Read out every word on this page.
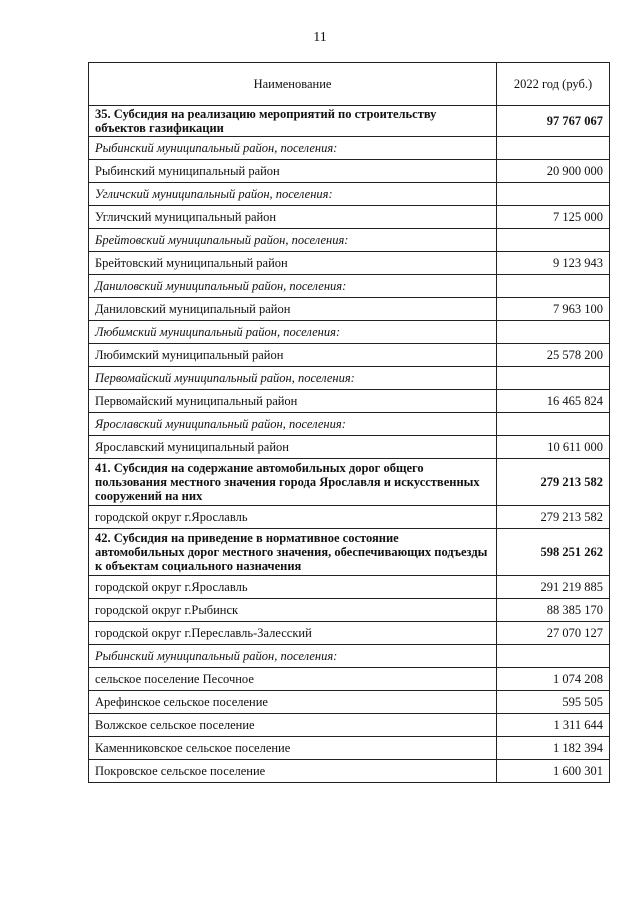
11
Наименование	2022 год (руб.)
35. Субсидия на реализацию мероприятий по строительству объектов газификации	97 767 067
Рыбинский муниципальный район, поселения:	
Рыбинский муниципальный район	20 900 000
Угличский муниципальный район, поселения:	
Угличский муниципальный район	7 125 000
Брейтовский муниципальный район, поселения:	
Брейтовский муниципальный район	9 123 943
Даниловский муниципальный район, поселения:	
Даниловский муниципальный район	7 963 100
Любимский муниципальный район, поселения:	
Любимский муниципальный район	25 578 200
Первомайский муниципальный район, поселения:	
Первомайский муниципальный район	16 465 824
Ярославский муниципальный район, поселения:	
Ярославский муниципальный район	10 611 000
41. Субсидия на содержание автомобильных дорог общего пользования местного значения города Ярославля и искусственных сооружений на них	279 213 582
городской округ г.Ярославль	279 213 582
42. Субсидия на приведение в нормативное состояние автомобильных дорог местного значения, обеспечивающих подъезды к объектам социального назначения	598 251 262
городской округ г.Ярославль	291 219 885
городской округ г.Рыбинск	88 385 170
городской округ г.Переславль-Залесский	27 070 127
Рыбинский муниципальный район, поселения:	
сельское поселение Песочное	1 074 208
Арефинское сельское поселение	595 505
Волжское сельское поселение	1 311 644
Каменниковское сельское поселение	1 182 394
Покровское сельское поселение	1 600 301
